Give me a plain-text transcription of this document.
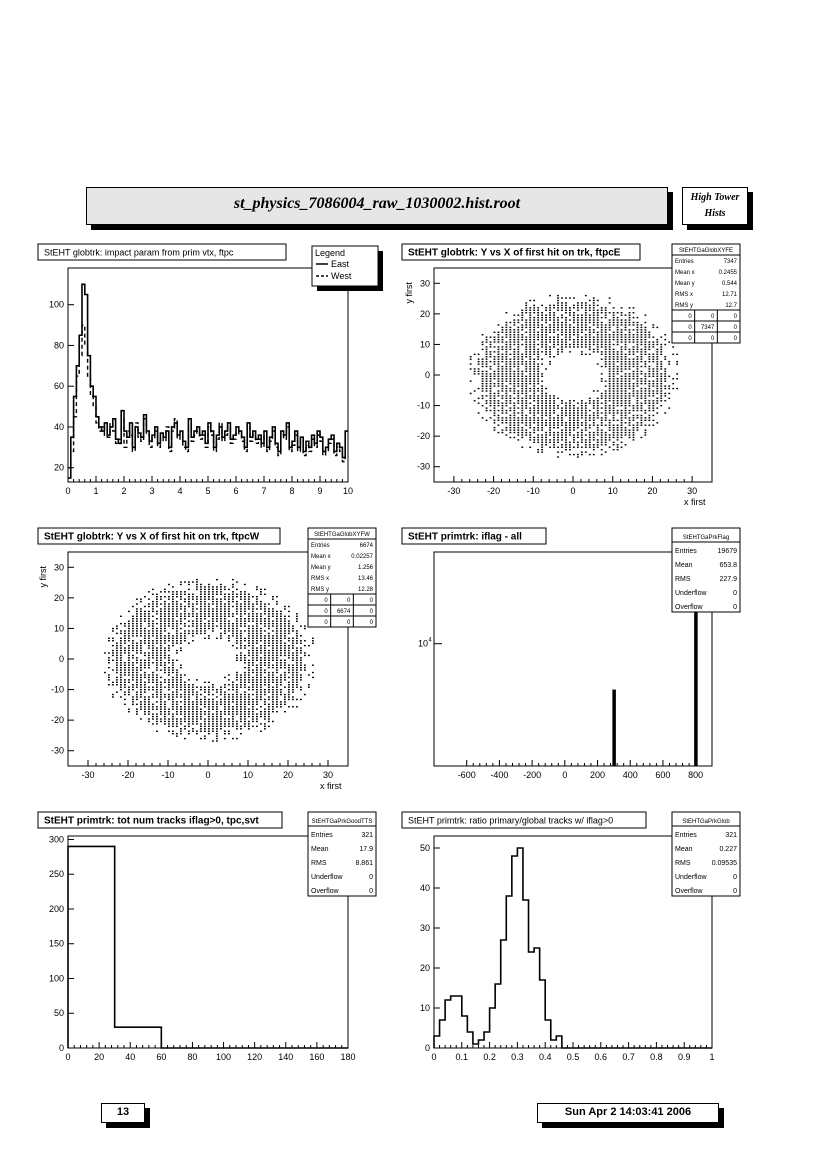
st_physics_7086004_raw_1030002.hist.root	High Tower
Hists
StEHT globtrk: impact param from prim vtx, ftpc
0	1	2	3	4	5	6	7	8	9 10
20
40
60
80
100
Legend
East
West
StEHT globtrk: Y vs X of first hit on trk, ftpcE
-30	-20	-10	0	10	20	30
-30
-20
-10
0
10
20
30
x first
y first
StEHTGaGlobXYFE
Entries	7347
Mean x	0.2455
Mean y	0.544
RMS x	12.71
RMS y	12.7
0	0	0
0 7347	0
0	0	0
StEHT globtrk: Y vs X of first hit on trk, ftpcW
-30	-20	-10	0	10	20	30
-30
-20
-10
0
10
20
30
x first
y first
StEHTGaGlobXYFW
Entries	6674
Mean x	0.02257
Mean y	1.256
RMS x	13.46
RMS y	12.28
0	0	0
0 6674	0
0	0	0
StEHT primtrk: iflag - all
-600 -400 -200 0	200 400 600 800
10 4
StEHTGaPrkFlag
Entries	19679
Mean	653.8
RMS	227.9
Underflow	0
Overflow	0
StEHT primtrk: tot num tracks iflag>0, tpc,svt
0	20 40 60 80 100 120 140 160 180
0
50
100
150
200
250
300
StEHTGaPrkGoodTTS
Entries	321
Mean	17.9
RMS	8.861
Underflow	0
Overflow	0
StEHT primtrk: ratio primary/global tracks w/ iflag>0
0 0.1 0.2 0.3 0.4 0.5 0.6 0.7 0.8 0.9 1
0
10
20
30
40
50
StEHTGaPrkGlob
Entries	321
Mean	0.227
RMS	0.09535
Underflow	0
Overflow	0
13	Sun Apr 2 14:03:41 2006
